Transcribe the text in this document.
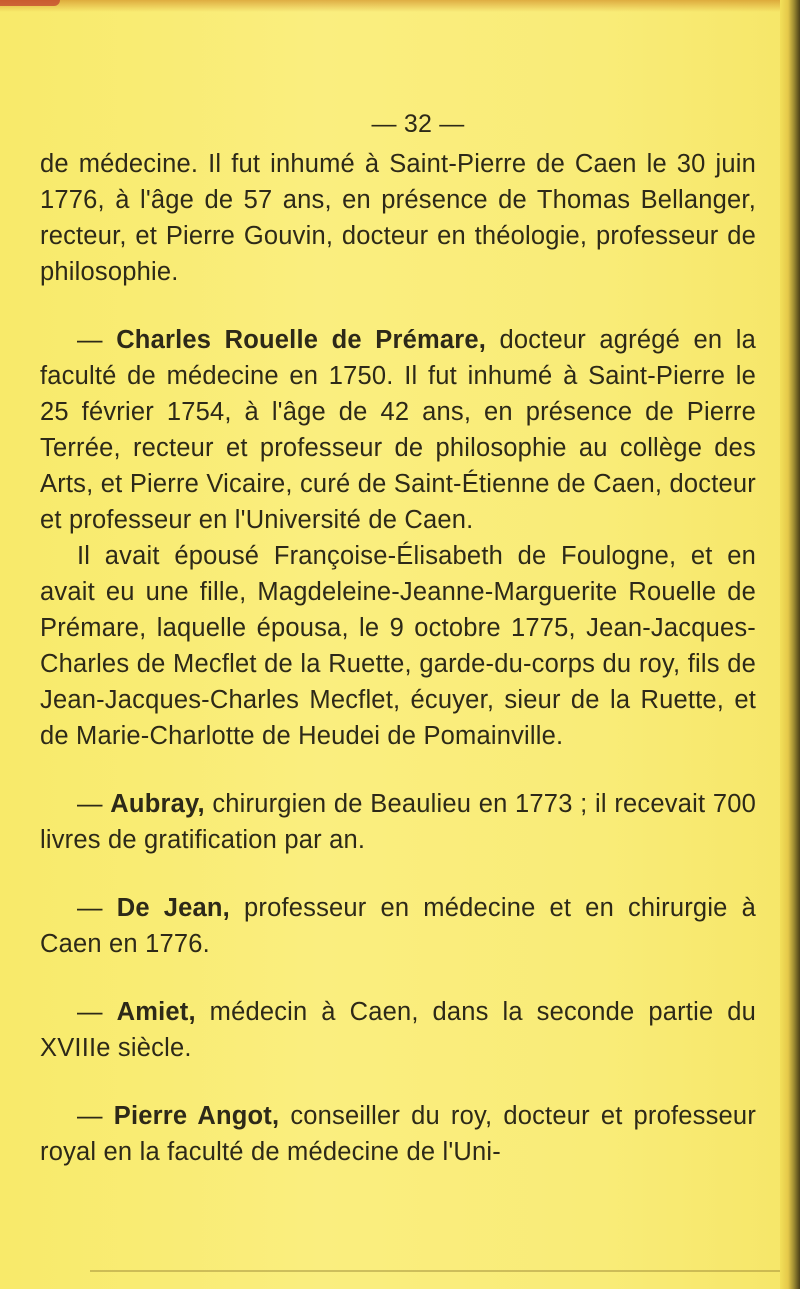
— 32 —

de médecine. Il fut inhumé à Saint-Pierre de Caen le 30 juin 1776, à l'âge de 57 ans, en présence de Thomas Bellanger, recteur, et Pierre Gouvin, docteur en théologie, professeur de philosophie.

— Charles Rouelle de Prémare, docteur agrégé en la faculté de médecine en 1750. Il fut inhumé à Saint-Pierre le 25 février 1754, à l'âge de 42 ans, en présence de Pierre Terrée, recteur et professeur de philosophie au collège des Arts, et Pierre Vicaire, curé de Saint-Étienne de Caen, docteur et professeur en l'Université de Caen.

Il avait épousé Françoise-Élisabeth de Foulogne, et en avait eu une fille, Magdeleine-Jeanne-Marguerite Rouelle de Prémare, laquelle épousa, le 9 octobre 1775, Jean-Jacques-Charles de Mecflet de la Ruette, garde-du-corps du roy, fils de Jean-Jacques-Charles Mecflet, écuyer, sieur de la Ruette, et de Marie-Charlotte de Heudei de Pomainville.

— Aubray, chirurgien de Beaulieu en 1773 ; il recevait 700 livres de gratification par an.

— De Jean, professeur en médecine et en chirurgie à Caen en 1776.

— Amiet, médecin à Caen, dans la seconde partie du XVIIIe siècle.

— Pierre Angot, conseiller du roy, docteur et professeur royal en la faculté de médecine de l'Uni-
